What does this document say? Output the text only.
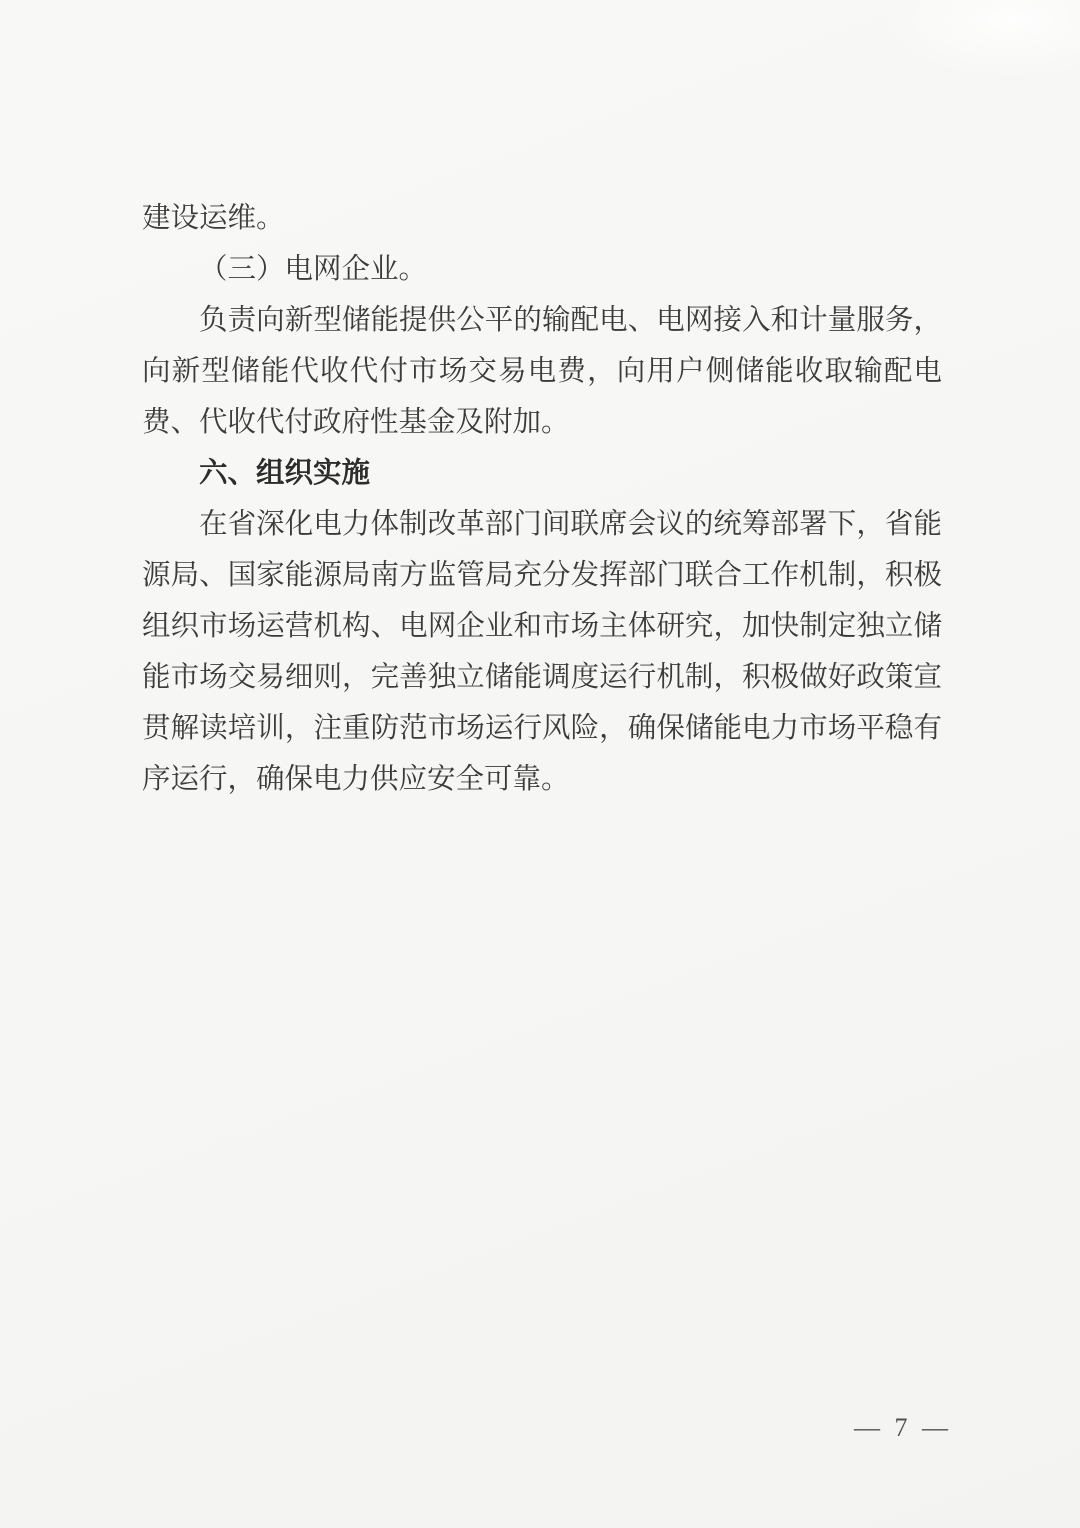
建设运维。

（三）电网企业。

负责向新型储能提供公平的输配电、电网接入和计量服务，向新型储能代收代付市场交易电费，向用户侧储能收取输配电费、代收代付政府性基金及附加。

六、组织实施

在省深化电力体制改革部门间联席会议的统筹部署下，省能源局、国家能源局南方监管局充分发挥部门联合工作机制，积极组织市场运营机构、电网企业和市场主体研究，加快制定独立储能市场交易细则，完善独立储能调度运行机制，积极做好政策宣贯解读培训，注重防范市场运行风险，确保储能电力市场平稳有序运行，确保电力供应安全可靠。

— 7 —
